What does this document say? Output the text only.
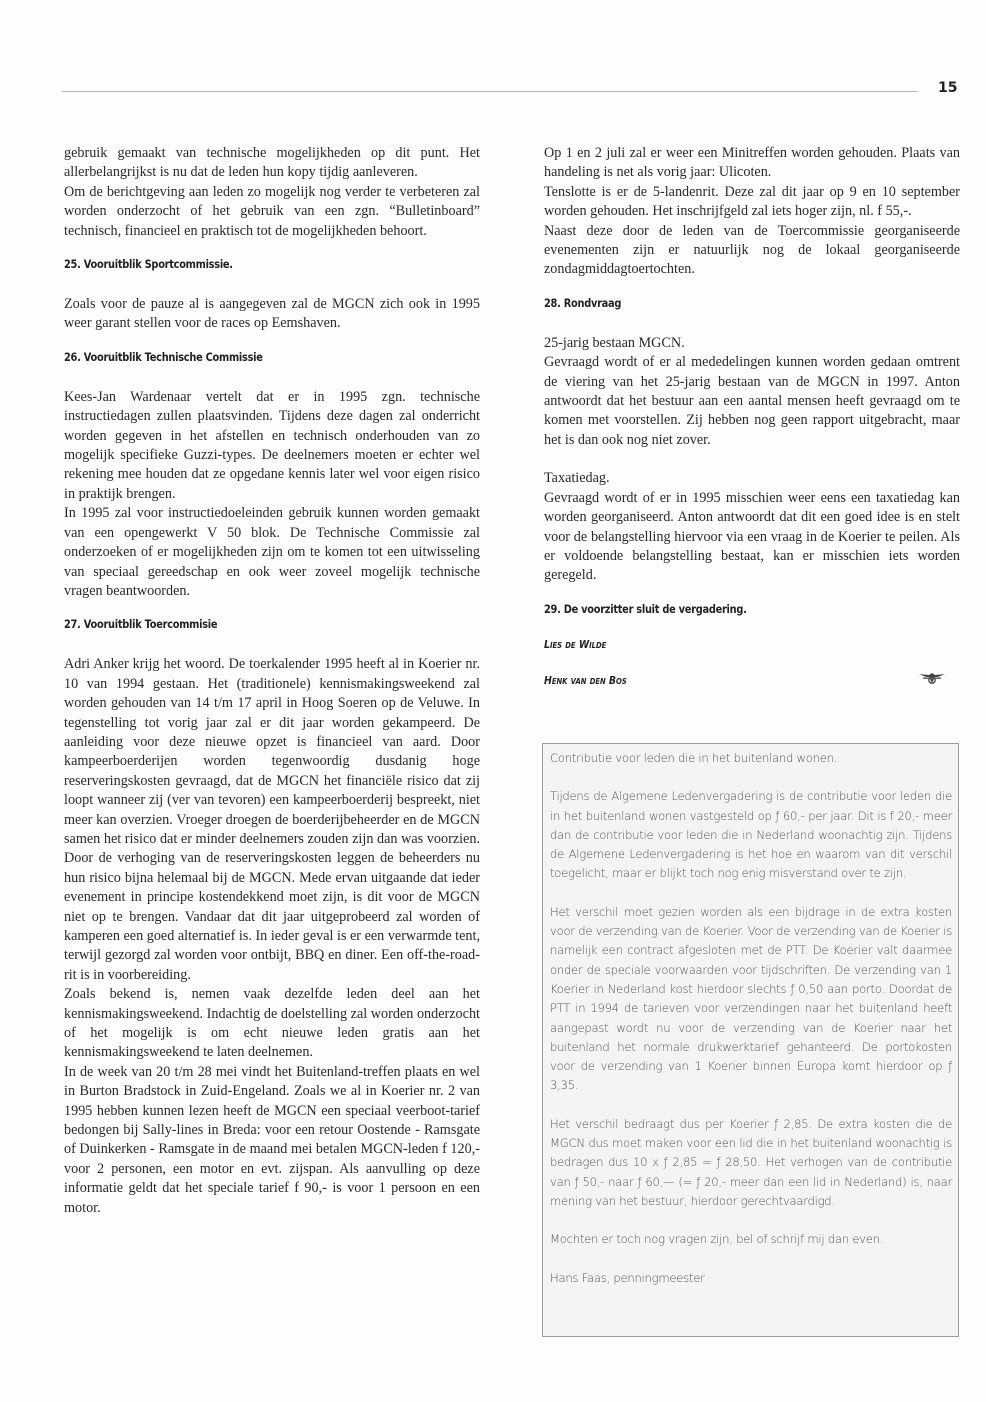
15

gebruik gemaakt van technische mogelijkheden op dit punt. Het allerbelangrijkst is nu dat de leden hun kopy tijdig aanleveren.

Om de berichtgeving aan leden zo mogelijk nog verder te verbeteren zal worden onderzocht of het gebruik van een zgn. “Bulletinboard” technisch, financieel en praktisch tot de mogelijkheden behoort.

25. Vooruitblik Sportcommissie.

Zoals voor de pauze al is aangegeven zal de MGCN zich ook in 1995 weer garant stellen voor de races op Eemshaven.

26. Vooruitblik Technische Commissie

Kees-Jan Wardenaar vertelt dat er in 1995 zgn. technische instructiedagen zullen plaatsvinden. Tijdens deze dagen zal onderricht worden gegeven in het afstellen en technisch onderhouden van zo mogelijk specifieke Guzzi-types. De deelnemers moeten er echter wel rekening mee houden dat ze opgedane kennis later wel voor eigen risico in praktijk brengen.

In 1995 zal voor instructiedoeleinden gebruik kunnen worden gemaakt van een opengewerkt V 50 blok. De Technische Commissie zal onderzoeken of er mogelijkheden zijn om te komen tot een uitwisseling van speciaal gereedschap en ook weer zoveel mogelijk technische vragen beantwoorden.

27. Vooruitblik Toercommisie

Adri Anker krijg het woord. De toerkalender 1995 heeft al in Koerier nr. 10 van 1994 gestaan. Het (traditionele) kennismakingsweekend zal worden gehouden van 14 t/m 17 april in Hoog Soeren op de Veluwe. In tegenstelling tot vorig jaar zal er dit jaar worden gekampeerd. De aanleiding voor deze nieuwe opzet is financieel van aard. Door kampeerboerderijen worden tegenwoordig dusdanig hoge reserveringskosten gevraagd, dat de MGCN het financiële risico dat zij loopt wanneer zij (ver van tevoren) een kampeerboerderij bespreekt, niet meer kan overzien. Vroeger droegen de boerderijbeheerder en de MGCN samen het risico dat er minder deelnemers zouden zijn dan was voorzien. Door de verhoging van de reserveringskosten leggen de beheerders nu hun risico bijna helemaal bij de MGCN. Mede ervan uitgaande dat ieder evenement in principe kostendekkend moet zijn, is dit voor de MGCN niet op te brengen. Vandaar dat dit jaar uitgeprobeerd zal worden of kamperen een goed alternatief is. In ieder geval is er een verwarmde tent, terwijl gezorgd zal worden voor ontbijt, BBQ en diner. Een off-the-road-rit is in voorbereiding.

Zoals bekend is, nemen vaak dezelfde leden deel aan het kennismakingsweekend. Indachtig de doelstelling zal worden onderzocht of het mogelijk is om echt nieuwe leden gratis aan het kennismakingsweekend te laten deelnemen.

In de week van 20 t/m 28 mei vindt het Buitenland-treffen plaats en wel in Burton Bradstock in Zuid-Engeland. Zoals we al in Koerier nr. 2 van 1995 hebben kunnen lezen heeft de MGCN een speciaal veerboot-tarief bedongen bij Sally-lines in Breda: voor een retour Oostende - Ramsgate of Duinkerken - Ramsgate in de maand mei betalen MGCN-leden f 120,- voor 2 personen, een motor en evt. zijspan. Als aanvulling op deze informatie geldt dat het speciale tarief f 90,- is voor 1 persoon en een motor.

Op 1 en 2 juli zal er weer een Minitreffen worden gehouden. Plaats van handeling is net als vorig jaar: Ulicoten.

Tenslotte is er de 5-landenrit. Deze zal dit jaar op 9 en 10 september worden gehouden. Het inschrijfgeld zal iets hoger zijn, nl. f 55,-.

Naast deze door de leden van de Toercommissie georganiseerde evenementen zijn er natuurlijk nog de lokaal georganiseerde zondagmiddagtoertochten.

28. Rondvraag

25-jarig bestaan MGCN.

Gevraagd wordt of er al mededelingen kunnen worden gedaan omtrent de viering van het 25-jarig bestaan van de MGCN in 1997. Anton antwoordt dat het bestuur aan een aantal mensen heeft gevraagd om te komen met voorstellen. Zij hebben nog geen rapport uitgebracht, maar het is dan ook nog niet zover.

Taxatiedag.

Gevraagd wordt of er in 1995 misschien weer eens een taxatiedag kan worden georganiseerd. Anton antwoordt dat dit een goed idee is en stelt voor de belangstelling hiervoor via een vraag in de Koerier te peilen. Als er voldoende belangstelling bestaat, kan er misschien iets worden geregeld.

29. De voorzitter sluit de vergadering.
Lies de Wilde
Henk van den Bos

Contributie voor leden die in het buitenland wonen.

Tijdens de Algemene Ledenvergadering is de contributie voor leden die in het buitenland wonen vastgesteld op ƒ 60,- per jaar. Dit is f 20,- meer dan de contributie voor leden die in Nederland woonachtig zijn. Tijdens de Algemene Ledenvergadering is het hoe en waarom van dit verschil toegelicht, maar er blijkt toch nog enig misverstand over te zijn.

Het verschil moet gezien worden als een bijdrage in de extra kosten voor de verzending van de Koerier. Voor de verzending van de Koerier is namelijk een contract afgesloten met de PTT. De Koerier valt daarmee onder de speciale voorwaarden voor tijdschriften. De verzending van 1 Koerier in Nederland kost hierdoor slechts ƒ 0,50 aan porto. Doordat de PTT in 1994 de tarieven voor verzendingen naar het buitenland heeft aangepast wordt nu voor de verzending van de Koerier naar het buitenland het normale drukwerktarief gehanteerd. De portokosten voor de verzending van 1 Koerier binnen Europa komt hierdoor op ƒ 3,35.

Het verschil bedraagt dus per Koerier ƒ 2,85. De extra kosten die de MGCN dus moet maken voor een lid die in het buitenland woonachtig is bedragen dus 10 x ƒ 2,85 = ƒ 28,50. Het verhogen van de contributie van ƒ 50,- naar ƒ 60,— (= ƒ 20,- meer dan een lid in Nederland) is, naar mening van het bestuur, hierdoor gerechtvaardigd.

Mochten er toch nog vragen zijn, bel of schrijf mij dan even.

Hans Faas, penningmeester
